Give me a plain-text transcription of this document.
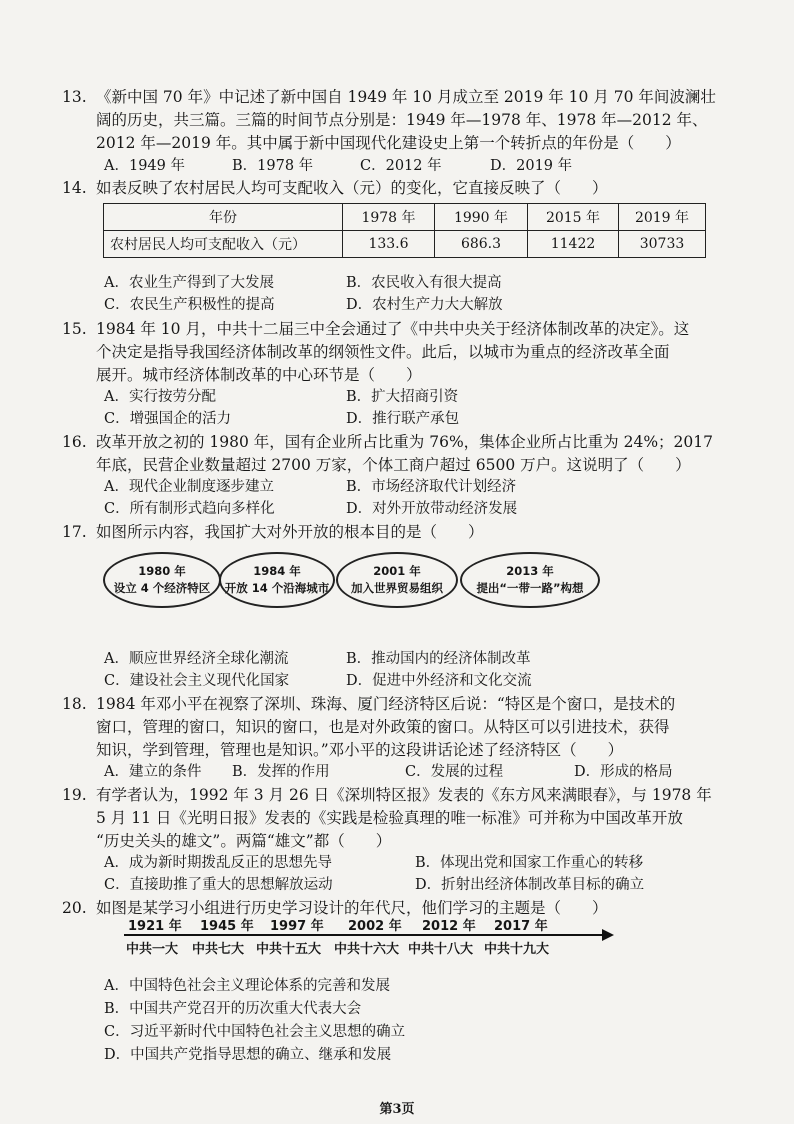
13. 《新中国 70 年》中记述了新中国自 1949 年 10 月成立至 2019 年 10 月 70 年间波澜壮
阔的历史，共三篇。三篇的时间节点分别是：1949 年—1978 年、1978 年—2012 年、
2012 年—2019 年。其中属于新中国现代化建设史上第一个转折点的年份是（　　）
A．1949 年	B．1978 年	C．2012 年	D．2019 年
14. 如表反映了农村居民人均可支配收入（元）的变化，它直接反映了（　　）
年份	1978 年	1990 年	2015 年	2019 年
农村居民人均可支配收入（元）	133.6	686.3	11422	30733
A．农业生产得到了大发展	B．农民收入有很大提高
C．农民生产积极性的提高	D．农村生产力大大解放
15. 1984 年 10 月，中共十二届三中全会通过了《中共中央关于经济体制改革的决定》。这
个决定是指导我国经济体制改革的纲领性文件。此后，以城市为重点的经济改革全面
展开。城市经济体制改革的中心环节是（　　）
A．实行按劳分配	B．扩大招商引资
C．增强国企的活力	D．推行联产承包
16. 改革开放之初的 1980 年，国有企业所占比重为 76%，集体企业所占比重为 24%；2017
年底，民营企业数量超过 2700 万家，个体工商户超过 6500 万户。这说明了（　　）
A．现代企业制度逐步建立	B．市场经济取代计划经济
C．所有制形式趋向多样化	D．对外开放带动经济发展
17. 如图所示内容，我国扩大对外开放的根本目的是（　　）
1980 年
设立 4 个经济特区
1984 年
开放 14 个沿海城市
2001 年
加入世界贸易组织
2013 年
提出“一带一路”构想
A．顺应世界经济全球化潮流	B．推动国内的经济体制改革
C．建设社会主义现代化国家	D．促进中外经济和文化交流
18. 1984 年邓小平在视察了深圳、珠海、厦门经济特区后说：“特区是个窗口，是技术的
窗口，管理的窗口，知识的窗口，也是对外政策的窗口。从特区可以引进技术，获得
知识，学到管理，管理也是知识。”邓小平的这段讲话论述了经济特区（　　）
A．建立的条件 B．发挥的作用	C．发展的过程	D．形成的格局
19. 有学者认为，1992 年 3 月 26 日《深圳特区报》发表的《东方风来满眼春》，与 1978 年
5 月 11 日《光明日报》发表的《实践是检验真理的唯一标准》可并称为中国改革开放
“历史关头的雄文”。两篇“雄文”都（　　）
A．成为新时期拨乱反正的思想先导	B．体现出党和国家工作重心的转移
C．直接助推了重大的思想解放运动	D．折射出经济体制改革目标的确立
20. 如图是某学习小组进行历史学习设计的年代尺，他们学习的主题是（　　）
1921 年 1945 年 1997 年 2002 年 2012 年 2017 年
中共一大 中共七大 中共十五大 中共十六大 中共十八大 中共十九大
A．中国特色社会主义理论体系的完善和发展
B．中国共产党召开的历次重大代表大会
C．习近平新时代中国特色社会主义思想的确立
D．中国共产党指导思想的确立、继承和发展
第3页
